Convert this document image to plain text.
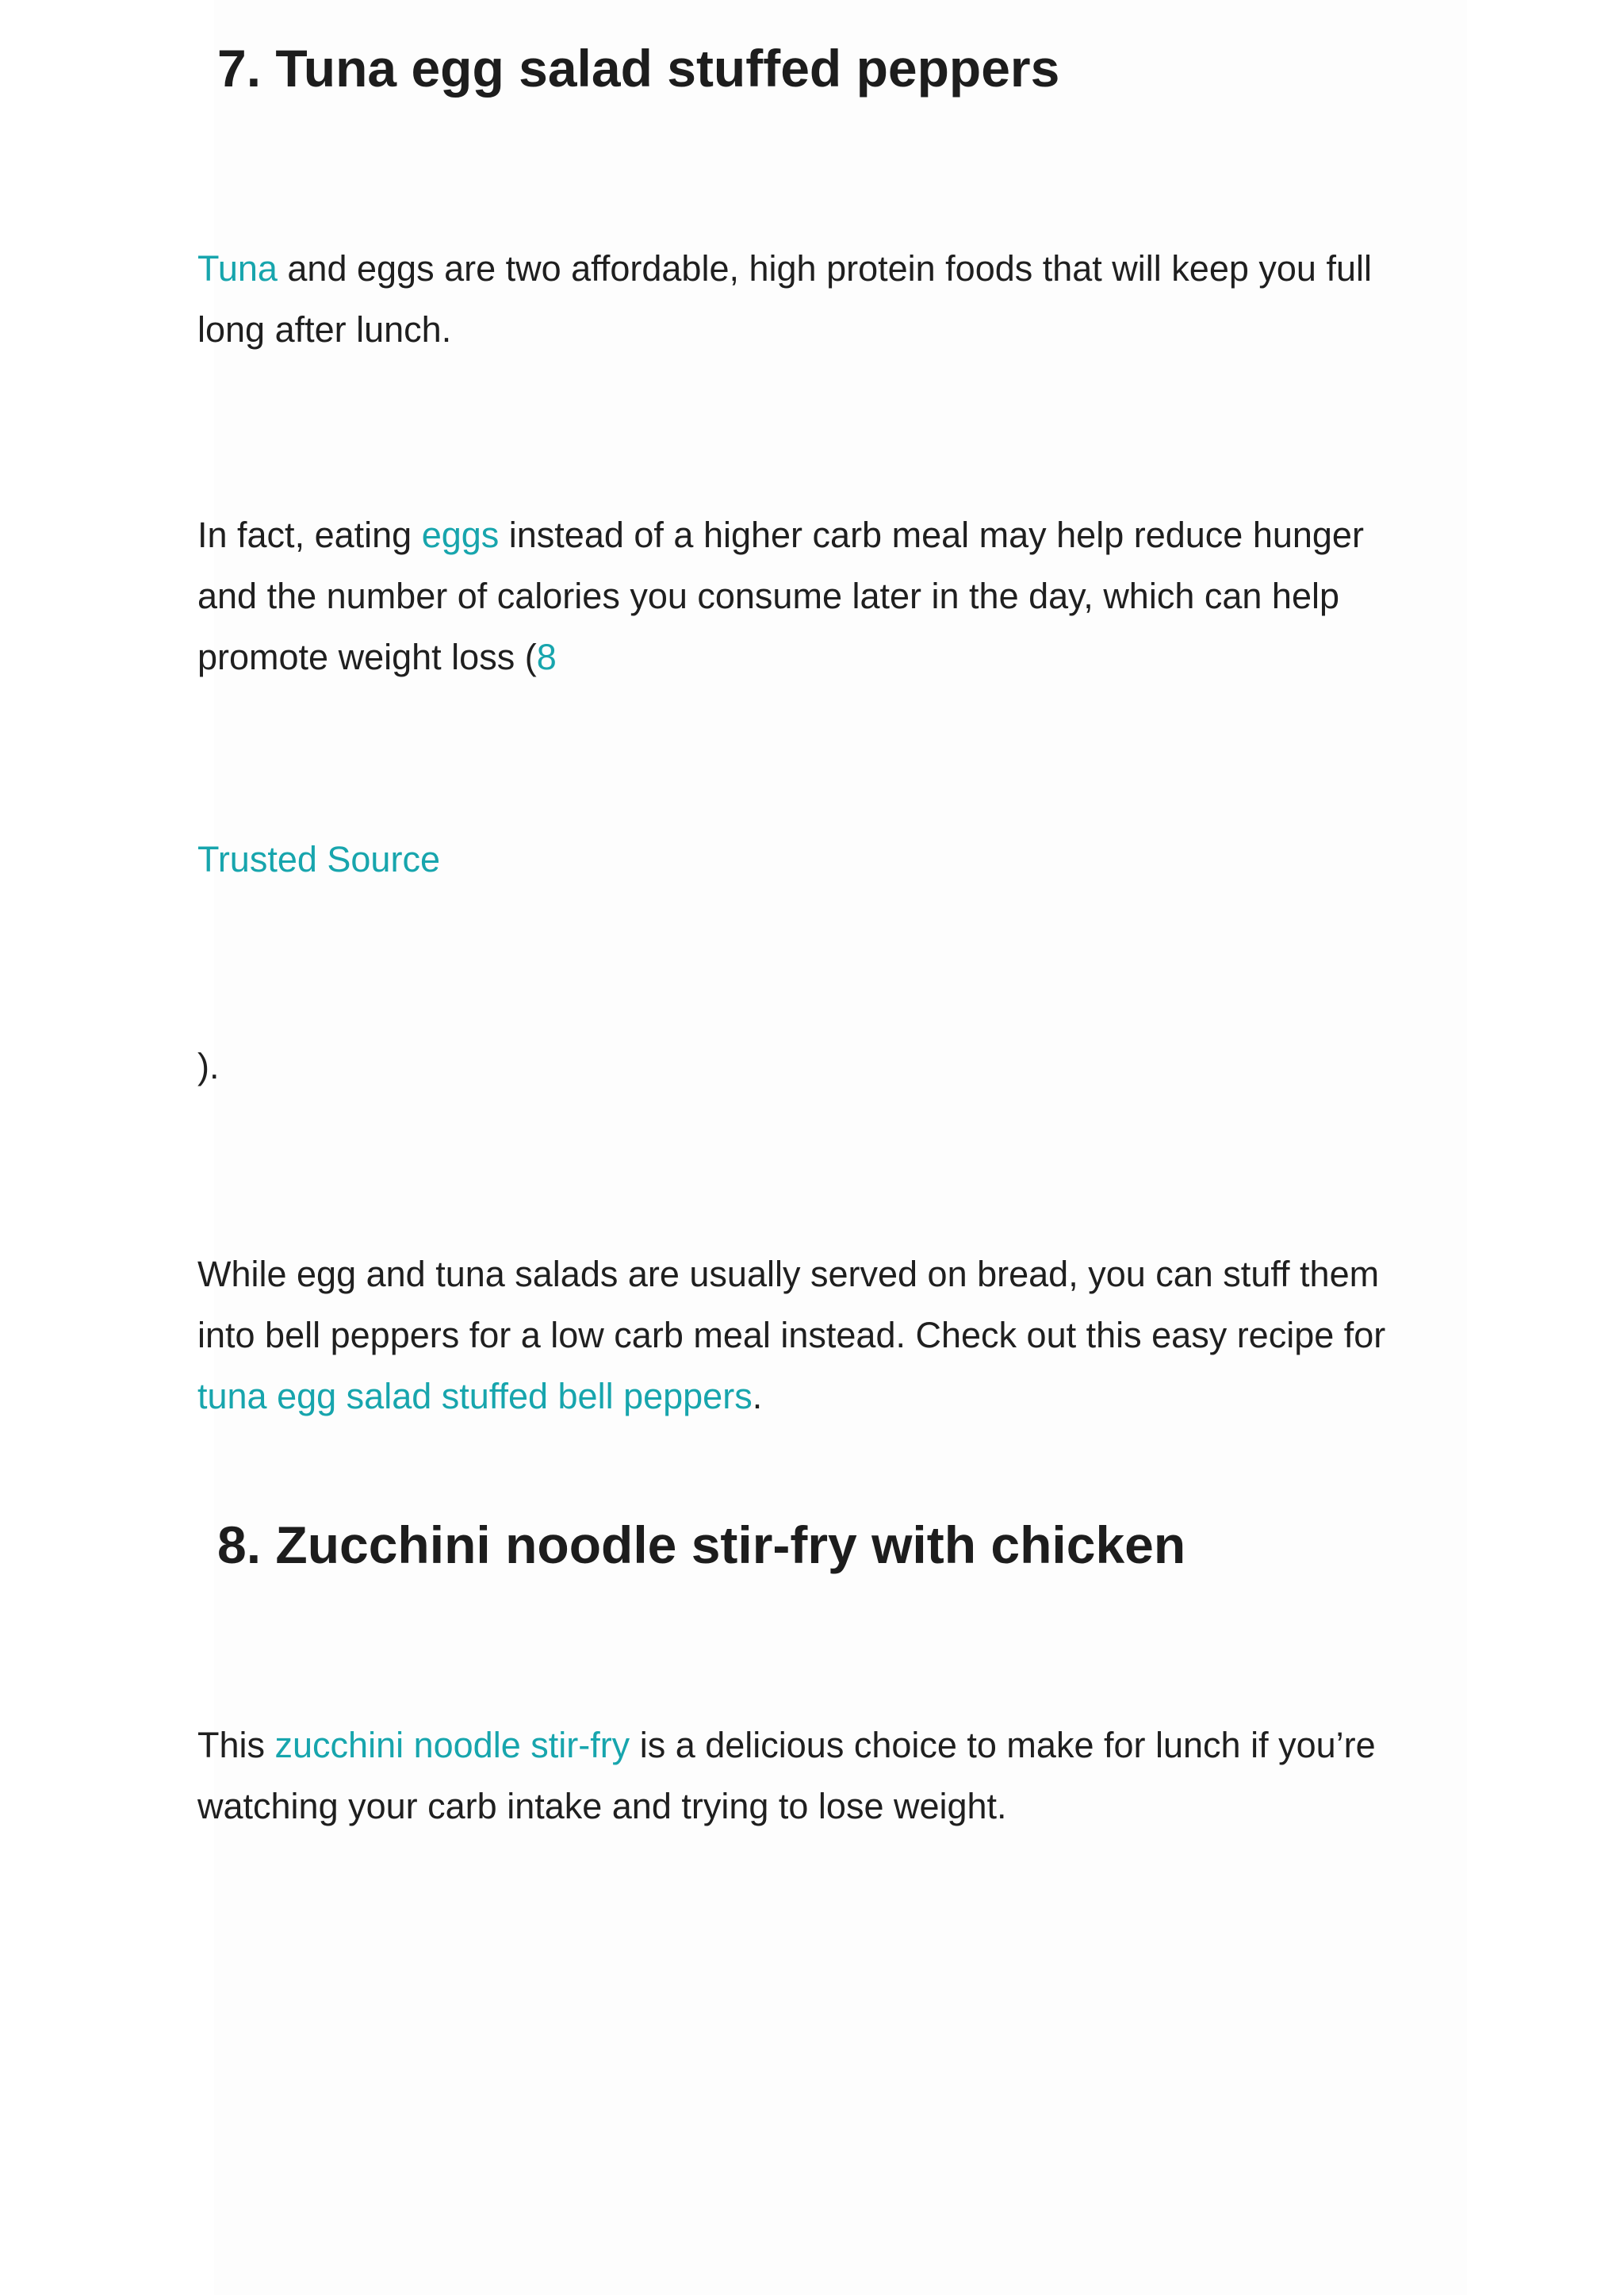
7. Tuna egg salad stuffed peppers

Tuna and eggs are two affordable, high protein foods that will keep you full
long after lunch.

In fact, eating eggs instead of a higher carb meal may help reduce hunger
and the number of calories you consume later in the day, which can help
promote weight loss (8

Trusted Source

).

While egg and tuna salads are usually served on bread, you can stuff them
into bell peppers for a low carb meal instead. Check out this easy recipe for
tuna egg salad stuffed bell peppers.

8. Zucchini noodle stir-fry with chicken

This zucchini noodle stir-fry is a delicious choice to make for lunch if you’re
watching your carb intake and trying to lose weight.
